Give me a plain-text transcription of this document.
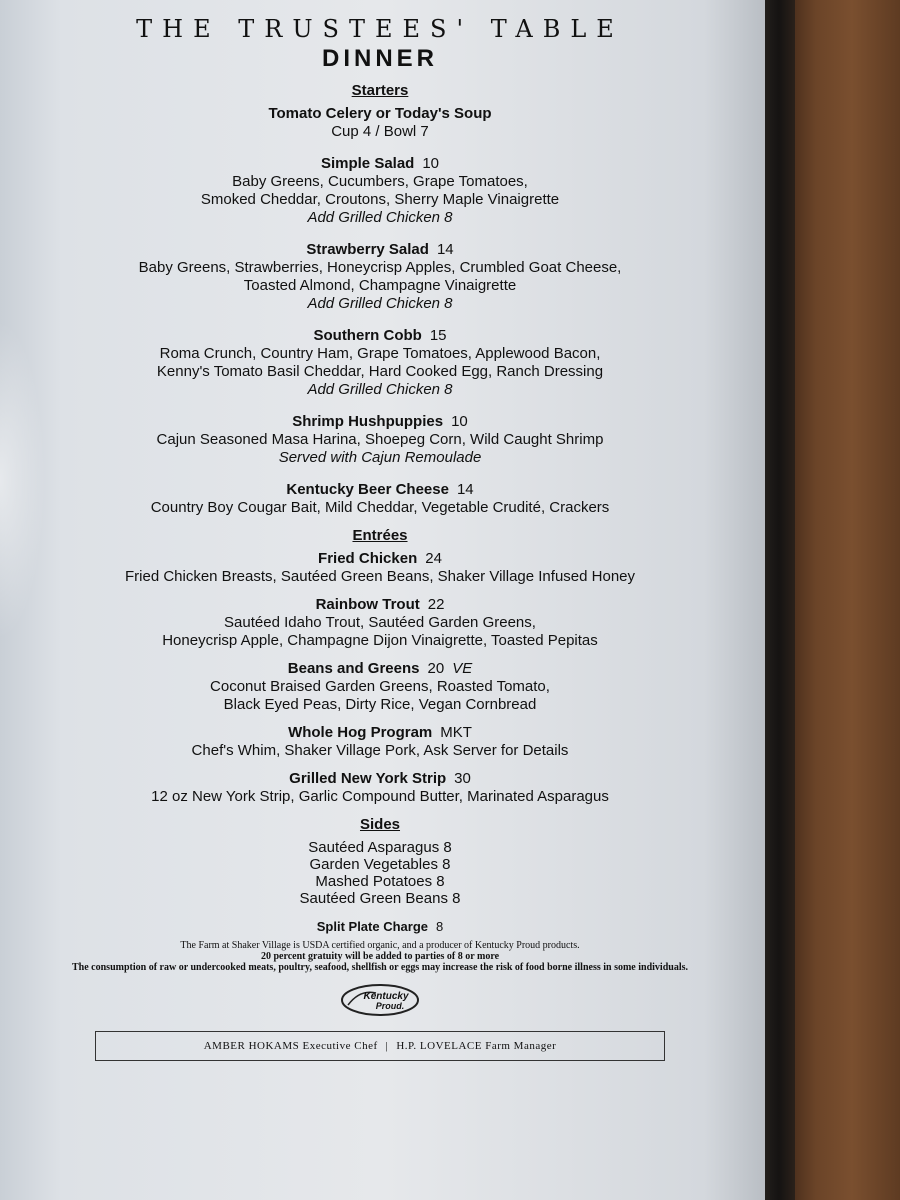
THE TRUSTEES' TABLE
DINNER
Starters
Tomato Celery or Today's Soup
Cup 4 / Bowl 7
Simple Salad 10
Baby Greens, Cucumbers, Grape Tomatoes,
Smoked Cheddar, Croutons, Sherry Maple Vinaigrette
Add Grilled Chicken 8
Strawberry Salad 14
Baby Greens, Strawberries, Honeycrisp Apples, Crumbled Goat Cheese,
Toasted Almond, Champagne Vinaigrette
Add Grilled Chicken 8
Southern Cobb 15
Roma Crunch, Country Ham, Grape Tomatoes, Applewood Bacon,
Kenny's Tomato Basil Cheddar, Hard Cooked Egg, Ranch Dressing
Add Grilled Chicken 8
Shrimp Hushpuppies 10
Cajun Seasoned Masa Harina, Shoepeg Corn, Wild Caught Shrimp
Served with Cajun Remoulade
Kentucky Beer Cheese 14
Country Boy Cougar Bait, Mild Cheddar, Vegetable Crudité, Crackers
Entrées
Fried Chicken 24
Fried Chicken Breasts, Sautéed Green Beans, Shaker Village Infused Honey
Rainbow Trout 22
Sautéed Idaho Trout, Sautéed Garden Greens,
Honeycrisp Apple, Champagne Dijon Vinaigrette, Toasted Pepitas
Beans and Greens 20 VE
Coconut Braised Garden Greens, Roasted Tomato,
Black Eyed Peas, Dirty Rice, Vegan Cornbread
Whole Hog Program MKT
Chef's Whim, Shaker Village Pork, Ask Server for Details
Grilled New York Strip 30
12 oz New York Strip, Garlic Compound Butter, Marinated Asparagus
Sides
Sautéed Asparagus 8
Garden Vegetables 8
Mashed Potatoes 8
Sautéed Green Beans 8
Split Plate Charge 8
The Farm at Shaker Village is USDA certified organic, and a producer of Kentucky Proud products.
20 percent gratuity will be added to parties of 8 or more
The consumption of raw or undercooked meats, poultry, seafood, shellfish or eggs may increase the risk of food borne illness in some individuals.
Kentucky
Proud.
AMBER HOKAMS Executive Chef | H.P. LOVELACE Farm Manager
